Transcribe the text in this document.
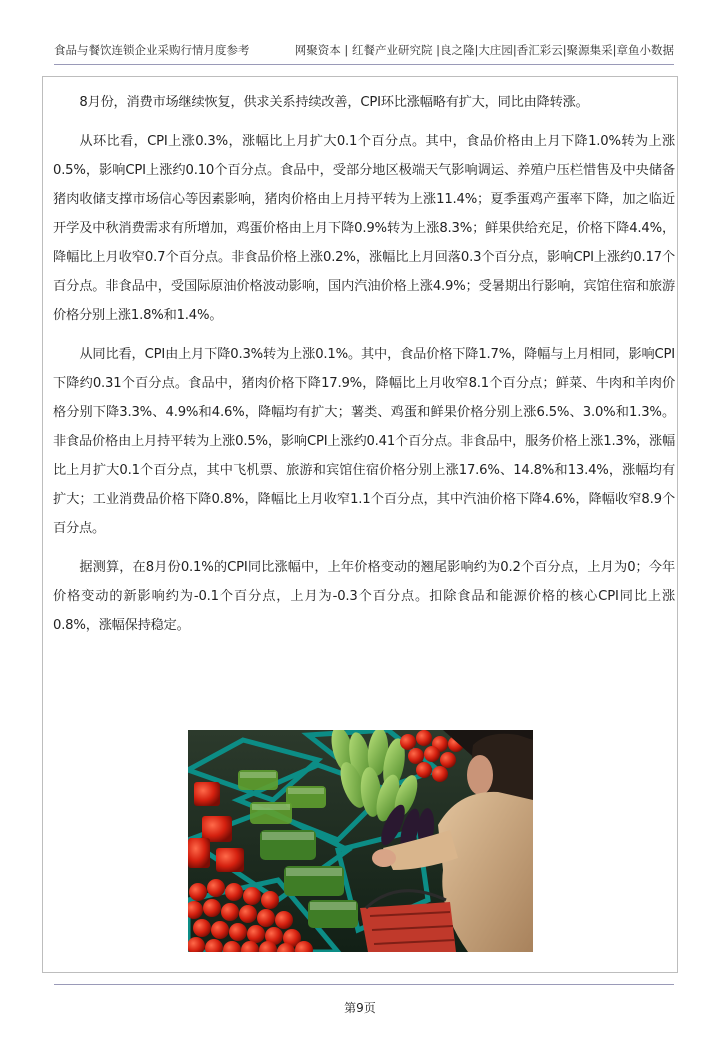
食品与餐饮连锁企业采购行情月度参考	网聚资本 | 红餐产业研究院 |良之隆|大庄园|香汇彩云|聚源集采|章鱼小数据

8月份，消费市场继续恢复，供求关系持续改善，CPI环比涨幅略有扩大，同比由降转涨。

从环比看，CPI上涨0.3%，涨幅比上月扩大0.1个百分点。其中，食品价格由上月下降1.0%转为上涨0.5%，影响CPI上涨约0.10个百分点。食品中，受部分地区极端天气影响调运、养殖户压栏惜售及中央储备猪肉收储支撑市场信心等因素影响，猪肉价格由上月持平转为上涨11.4%；夏季蛋鸡产蛋率下降，加之临近开学及中秋消费需求有所增加，鸡蛋价格由上月下降0.9%转为上涨8.3%；鲜果供给充足，价格下降4.4%，降幅比上月收窄0.7个百分点。非食品价格上涨0.2%，涨幅比上月回落0.3个百分点，影响CPI上涨约0.17个百分点。非食品中，受国际原油价格波动影响，国内汽油价格上涨4.9%；受暑期出行影响，宾馆住宿和旅游价格分别上涨1.8%和1.4%。

从同比看，CPI由上月下降0.3%转为上涨0.1%。其中，食品价格下降1.7%，降幅与上月相同，影响CPI下降约0.31个百分点。食品中，猪肉价格下降17.9%，降幅比上月收窄8.1个百分点；鲜菜、牛肉和羊肉价格分别下降3.3%、4.9%和4.6%，降幅均有扩大；薯类、鸡蛋和鲜果价格分别上涨6.5%、3.0%和1.3%。非食品价格由上月持平转为上涨0.5%，影响CPI上涨约0.41个百分点。非食品中，服务价格上涨1.3%，涨幅比上月扩大0.1个百分点，其中飞机票、旅游和宾馆住宿价格分别上涨17.6%、14.8%和13.4%，涨幅均有扩大；工业消费品价格下降0.8%，降幅比上月收窄1.1个百分点，其中汽油价格下降4.6%，降幅收窄8.9个百分点。

据测算，在8月份0.1%的CPI同比涨幅中，上年价格变动的翘尾影响约为0.2个百分点，上月为0；今年价格变动的新影响约为-0.1个百分点，上月为-0.3个百分点。扣除食品和能源价格的核心CPI同比上涨0.8%，涨幅保持稳定。

第9页
